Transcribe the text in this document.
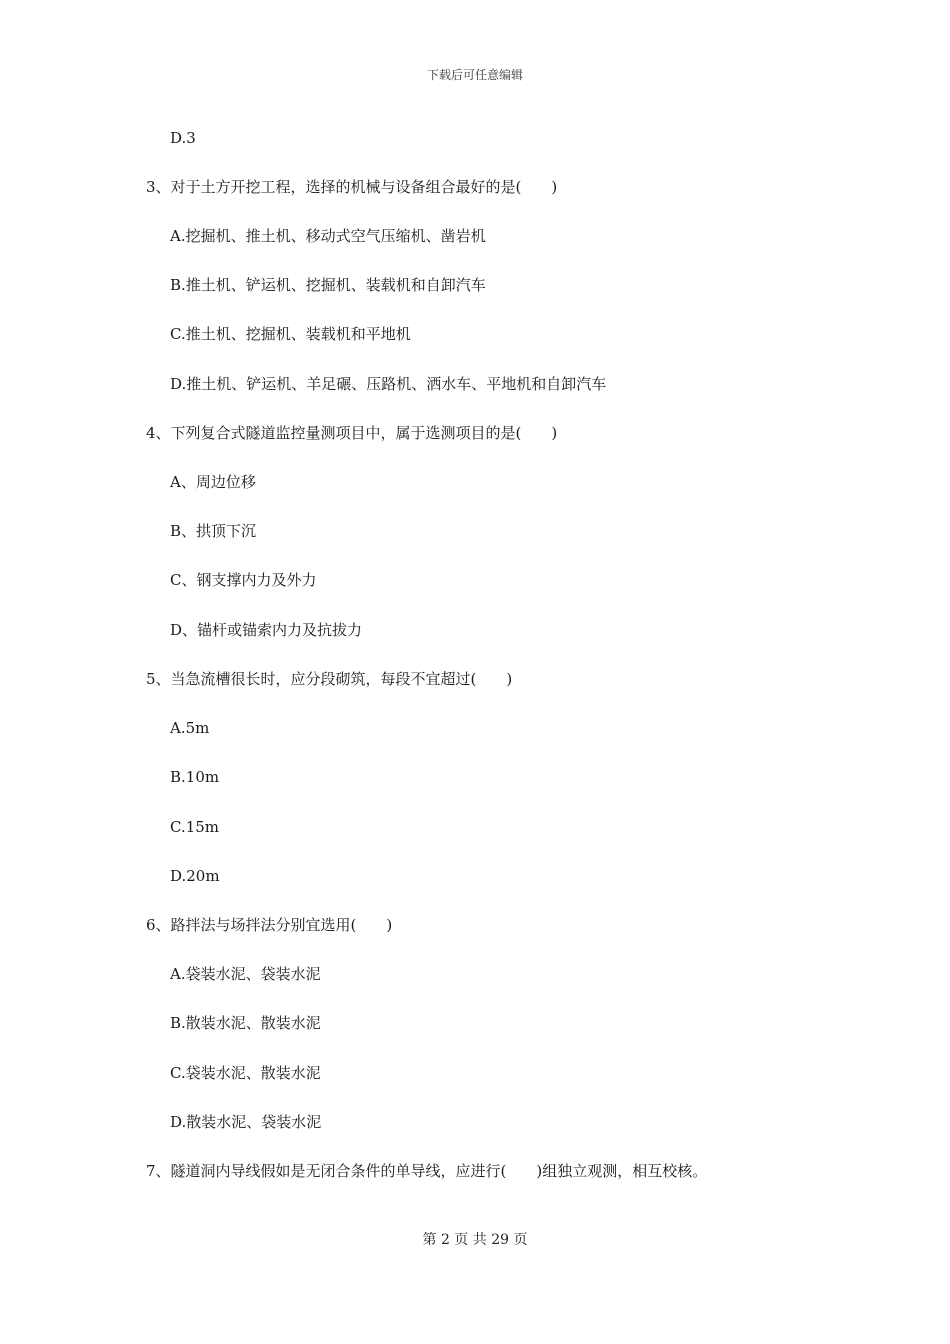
下载后可任意编辑
D.3
3、对于土方开挖工程，选择的机械与设备组合最好的是(　　)
A.挖掘机、推土机、移动式空气压缩机、凿岩机
B.推土机、铲运机、挖掘机、装载机和自卸汽车
C.推土机、挖掘机、装载机和平地机
D.推土机、铲运机、羊足碾、压路机、洒水车、平地机和自卸汽车
4、下列复合式隧道监控量测项目中，属于选测项目的是(　　)
A、周边位移
B、拱顶下沉
C、钢支撑内力及外力
D、锚杆或锚索内力及抗拔力
5、当急流槽很长时，应分段砌筑，每段不宜超过(　　)
A.5m
B.10m
C.15m
D.20m
6、路拌法与场拌法分别宜选用(　　)
A.袋装水泥、袋装水泥
B.散装水泥、散装水泥
C.袋装水泥、散装水泥
D.散装水泥、袋装水泥
7、隧道洞内导线假如是无闭合条件的单导线，应进行(　　)组独立观测，相互校核。
第 2 页 共 29 页
